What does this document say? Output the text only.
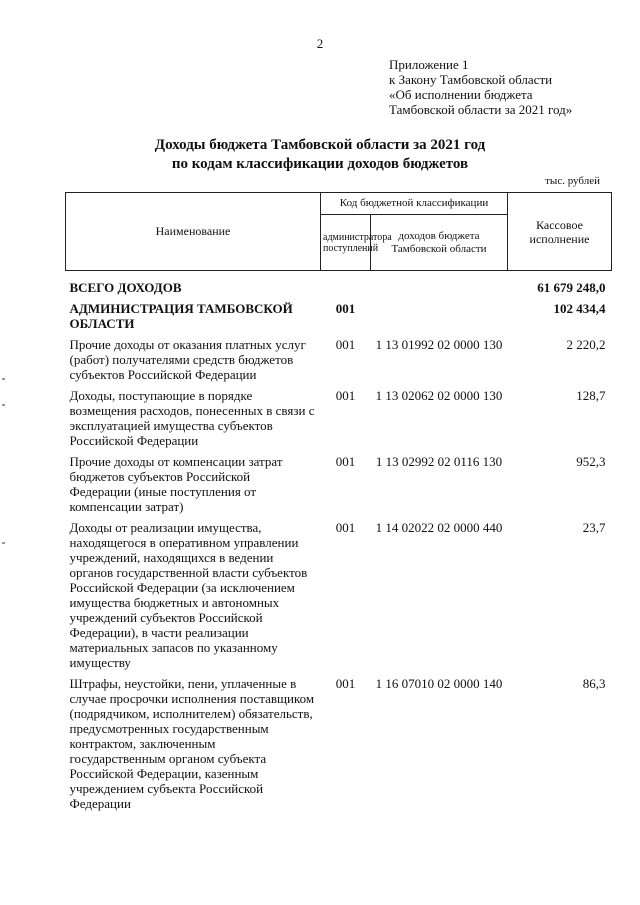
2
Приложение 1
к Закону Тамбовской области
«Об исполнении бюджета
Тамбовской области за 2021 год»
Доходы бюджета Тамбовской области за 2021 год
по кодам классификации доходов бюджетов
тыс. рублей
Наименование	Код бюджетной классификации		Кассовое исполнение
	администратора поступлений	доходов бюджета Тамбовской области	

ВСЕГО ДОХОДОВ			61 679 248,0
АДМИНИСТРАЦИЯ ТАМБОВСКОЙ ОБЛАСТИ	001		102 434,4
Прочие доходы от оказания платных услуг (работ) получателями средств бюджетов субъектов Российской Федерации	001	1 13 01992 02 0000 130	2 220,2
Доходы, поступающие в порядке возмещения расходов, понесенных в связи с эксплуатацией имущества субъектов Российской Федерации	001	1 13 02062 02 0000 130	128,7
Прочие доходы от компенсации затрат бюджетов субъектов Российской Федерации (иные поступления от компенсации затрат)	001	1 13 02992 02 0116 130	952,3
Доходы от реализации имущества, находящегося в оперативном управлении учреждений, находящихся в ведении органов государственной власти субъектов Российской Федерации (за исключением имущества бюджетных и автономных учреждений субъектов Российской Федерации), в части реализации материальных запасов по указанному имуществу	001	1 14 02022 02 0000 440	23,7
Штрафы, неустойки, пени, уплаченные в случае просрочки исполнения поставщиком (подрядчиком, исполнителем) обязательств, предусмотренных государственным контрактом, заключенным государственным органом субъекта Российской Федерации, казенным учреждением субъекта Российской Федерации	001	1 16 07010 02 0000 140	86,3
